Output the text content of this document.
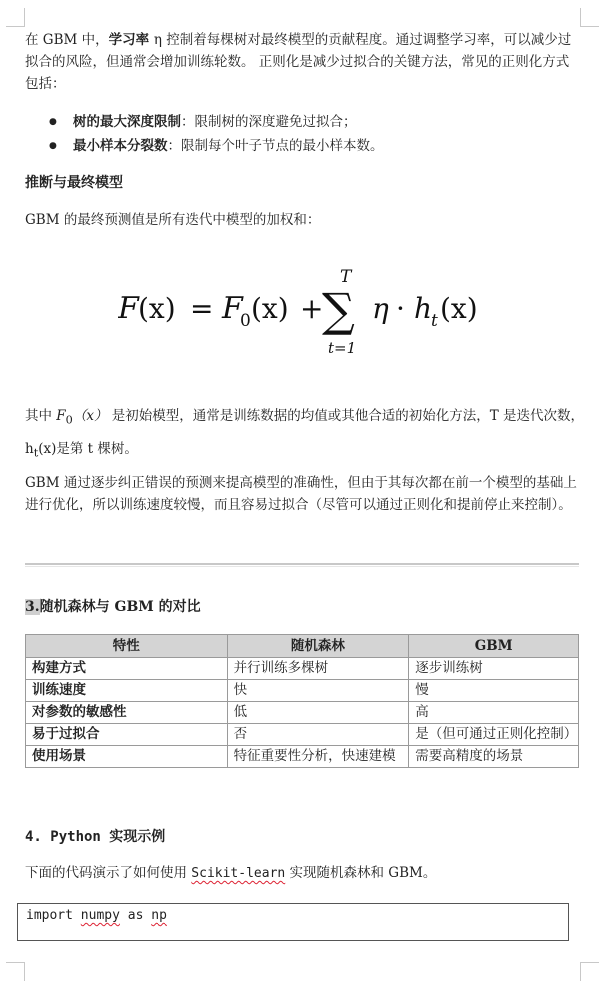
在 GBM 中，学习率 η 控制着每棵树对最终模型的贡献程度。通过调整学习率，可以减少过拟合的风险，但通常会增加训练轮数。 正则化是减少过拟合的关键方法，常见的正则化方式包括：

● 树的最大深度限制：限制树的深度避免过拟合；
● 最小样本分裂数：限制每个叶子节点的最小样本数。
推断与最终模型

GBM 的最终预测值是所有迭代中模型的加权和：

F (x) = F
0 (x) +
T
∑
t=1
η · h
t (x)
其中 $F_0(x)$ 是初始模型，通常是训练数据的均值或其他合适的初始化方法，T 是迭代次数，$h_t(x)$是第 t 棵树。

GBM 通过逐步纠正错误的预测来提高模型的准确性，但由于其每次都在前一个模型的基础上进行优化，所以训练速度较慢，而且容易过拟合（尽管可以通过正则化和提前停止来控制）。

3.随机森林与 GBM 的对比
特性	随机森林	GBM
构建方式	并行训练多棵树	逐步训练树
训练速度	快	慢
对参数的敏感性	低	高
易于过拟合	否	是（但可通过正则化控制）
使用场景	特征重要性分析，快速建模	需要高精度的场景
4. Python 实现示例
下面的代码演示了如何使用 Scikit-learn 实现随机森林和 GBM。
import numpy as np
